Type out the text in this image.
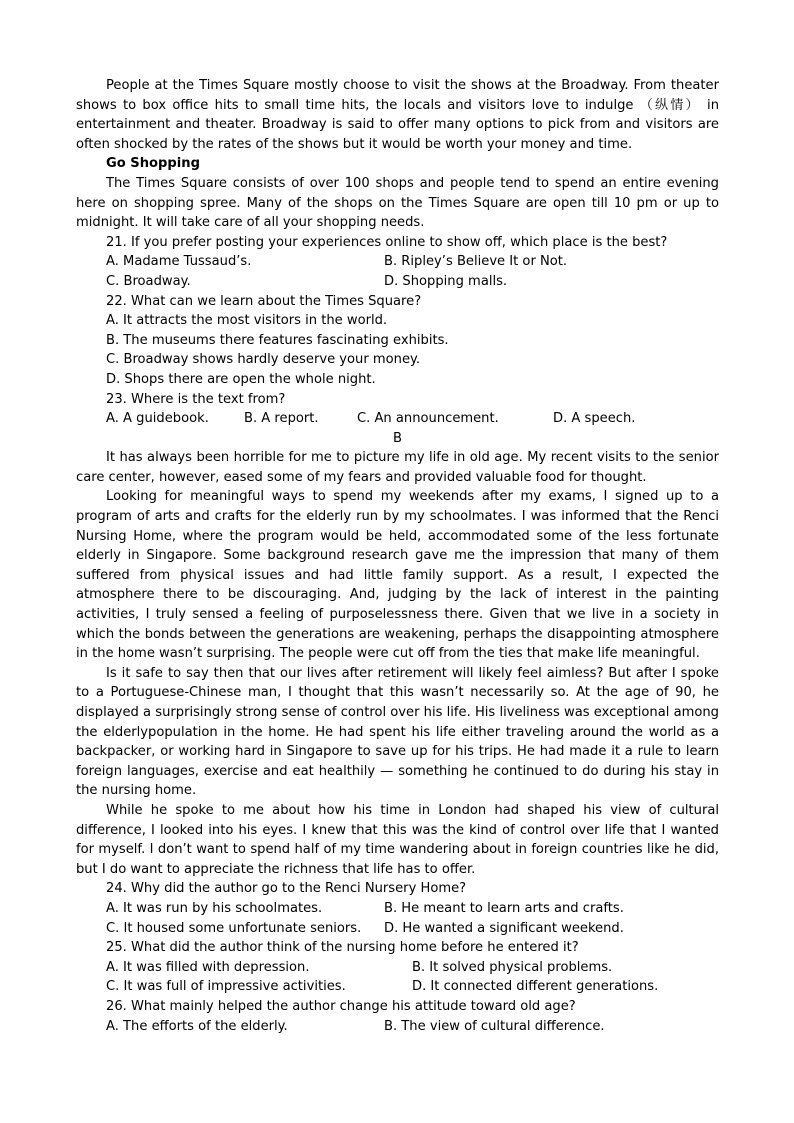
People at the Times Square mostly choose to visit the shows at the Broadway. From theater shows to box office hits to small time hits, the locals and visitors love to indulge （纵情） in entertainment and theater. Broadway is said to offer many options to pick from and visitors are often shocked by the rates of the shows but it would be worth your money and time.

Go Shopping

The Times Square consists of over 100 shops and people tend to spend an entire evening here on shopping spree. Many of the shops on the Times Square are open till 10 pm or up to midnight. It will take care of all your shopping needs.

21. If you prefer posting your experiences online to show off, which place is the best?

A. Madame Tussaud’s.	B. Ripley’s Believe It or Not.
C. Broadway.	D. Shopping malls.

22. What can we learn about the Times Square?

A. It attracts the most visitors in the world.

B. The museums there features fascinating exhibits.

C. Broadway shows hardly deserve your money.

D. Shops there are open the whole night.

23. Where is the text from?

A. A guidebook.	B. A report.	C. An announcement.	D. A speech.

B

It has always been horrible for me to picture my life in old age. My recent visits to the senior care center, however, eased some of my fears and provided valuable food for thought.

Looking for meaningful ways to spend my weekends after my exams, I signed up to a program of arts and crafts for the elderly run by my schoolmates. I was informed that the Renci Nursing Home, where the program would be held, accommodated some of the less fortunate elderly in Singapore. Some background research gave me the impression that many of them suffered from physical issues and had little family support. As a result, I expected the atmosphere there to be discouraging. And, judging by the lack of interest in the painting activities, I truly sensed a feeling of purposelessness there. Given that we live in a society in which the bonds between the generations are weakening, perhaps the disappointing atmosphere in the home wasn’t surprising. The people were cut off from the ties that make life meaningful.

Is it safe to say then that our lives after retirement will likely feel aimless? But after I spoke to a Portuguese-Chinese man, I thought that this wasn’t necessarily so. At the age of 90, he displayed a surprisingly strong sense of control over his life. His liveliness was exceptional among the elderlypopulation in the home. He had spent his life either traveling around the world as a backpacker, or working hard in Singapore to save up for his trips. He had made it a rule to learn foreign languages, exercise and eat healthily — something he continued to do during his stay in the nursing home.

While he spoke to me about how his time in London had shaped his view of cultural difference, I looked into his eyes. I knew that this was the kind of control over life that I wanted for myself. I don’t want to spend half of my time wandering about in foreign countries like he did, but I do want to appreciate the richness that life has to offer.

24. Why did the author go to the Renci Nursery Home?

A. It was run by his schoolmates.	B. He meant to learn arts and crafts.
C. It housed some unfortunate seniors.	D. He wanted a significant weekend.

25. What did the author think of the nursing home before he entered it?

A. It was filled with depression.	B. It solved physical problems.
C. It was full of impressive activities.	D. It connected different generations.

26. What mainly helped the author change his attitude toward old age?

A. The efforts of the elderly.	B. The view of cultural difference.
